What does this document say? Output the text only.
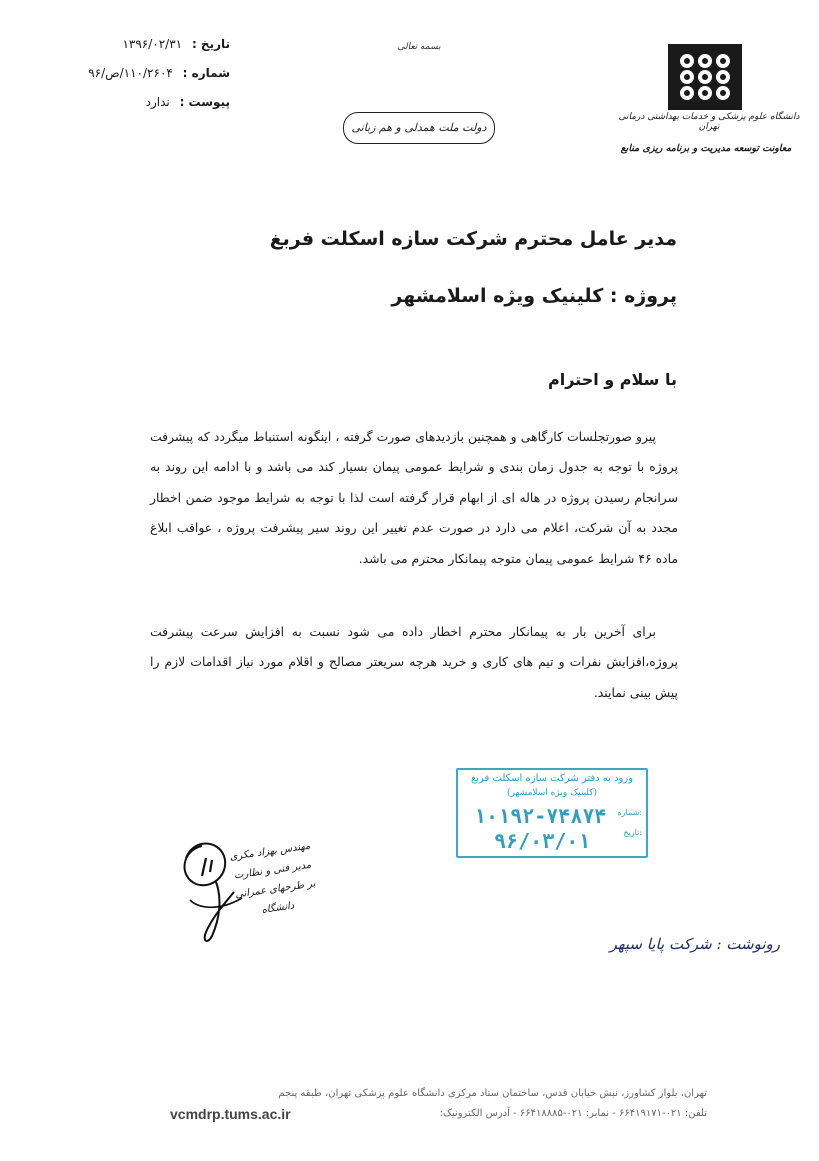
تاریخ : ۱۳۹۶/۰۲/۳۱
شماره : ۱۱۰/۲۶۰۴/ص/۹۶
پیوست : ندارد
بسمه تعالی
دولت ملت همدلی و هم زبانی
دانشگاه علوم پزشکی و خدمات بهداشتی درمانی تهران
معاونت توسعه مدیریت و برنامه ریزی منابع
مدیر عامل محترم شرکت سازه اسکلت فربغ
پروژه : کلینیک ویژه اسلامشهر
با سلام و احترام
پیرو صورتجلسات کارگاهی و همچنین بازدیدهای صورت گرفته ، اینگونه استنباط میگردد که پیشرفت پروژه با توجه به جدول زمان بندی و شرایط عمومی پیمان بسیار کند می باشد و با ادامه این روند به سرانجام رسیدن پروژه در هاله ای از ابهام قرار گرفته است لذا با توجه به شرایط موجود ضمن اخطار مجدد به آن شرکت، اعلام می دارد در صورت عدم تغییر این روند سیر پیشرفت پروژه ، عواقب ابلاغ ماده ۴۶ شرایط عمومی پیمان متوجه پیمانکار محترم می باشد.
برای آخرین بار به پیمانکار محترم اخطار داده می شود نسبت به افزایش سرعت پیشرفت پروژه،افزایش نفرات و تیم های کاری و خرید هرچه سریعتر مصالح و اقلام مورد نیاز اقدامات لازم را پیش بینی نمایند.
ورود به دفتر شرکت سازه اسکلت فربغ
(کلینیک ویژه اسلامشهر)
شماره:
۱۰۱۹۲-۷۴۸۷۴
تاریخ:
۹۶/۰۳/۰۱
مهندس بهزاد مکری
مدیر فنی و نظارت
بر طرحهای عمرانی دانشگاه
رونوشت : شرکت پایا سپهر
تهران، بلوار کشاورز، نبش خیابان قدس، ساختمان ستاد مرکزی دانشگاه علوم پزشکی تهران، طبقه پنجم
تلفن: ۰۲۱-۶۶۴۱۹۱۷۱ - نمابر: ۰۲۱-۶۶۴۱۸۸۸۵ - آدرس الکترونیک:
vcmdrp.tums.ac.ir
